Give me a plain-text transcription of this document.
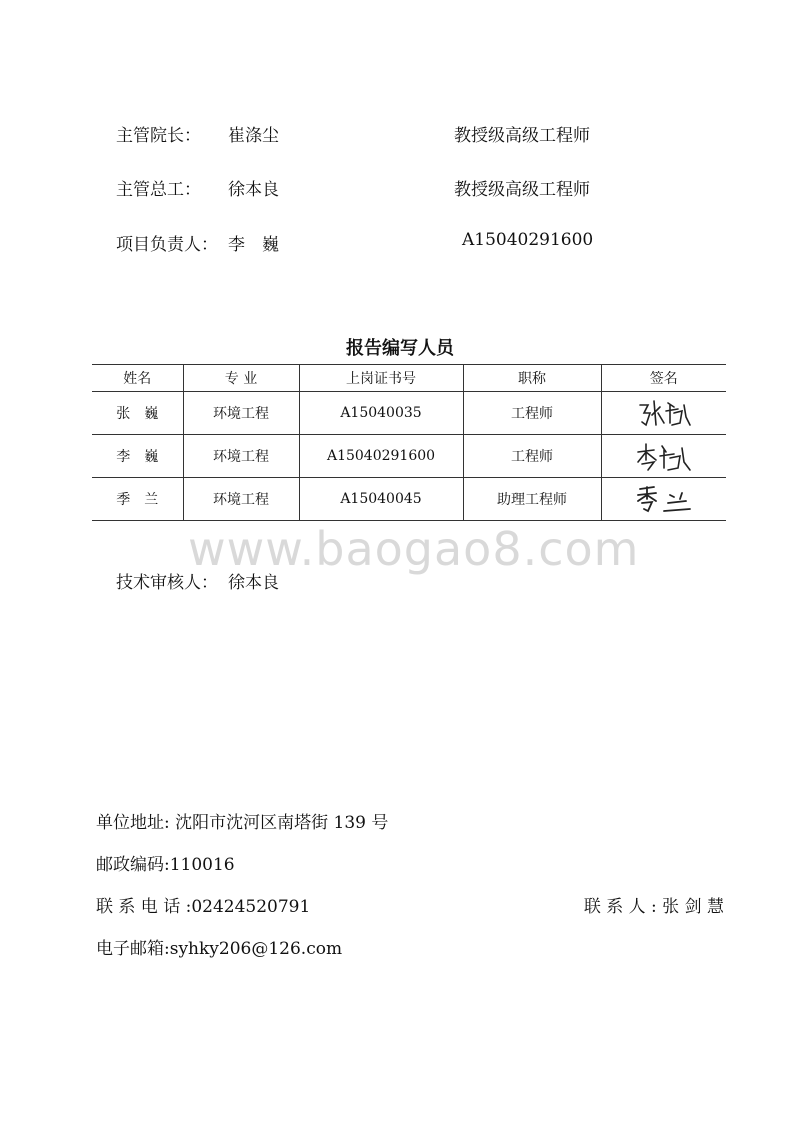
www.baogao8.com
主管院长： 崔涤尘	教授级高级工程师
主管总工： 徐本良	教授级高级工程师
项目负责人： 李　巍	A15040291600
报告编写人员
姓名	专 业	上岗证书号	职称	签名
张　巍	环境工程	A15040035	工程师	
李　巍	环境工程	A15040291600	工程师	
季　兰	环境工程	A15040045	助理工程师	
技术审核人： 徐本良
单位地址: 沈阳市沈河区南塔街 139 号
邮政编码:110016
联 系 电 话 :02424520791	联 系 人 : 张 剑 慧
电子邮箱:syhky206@126.com
